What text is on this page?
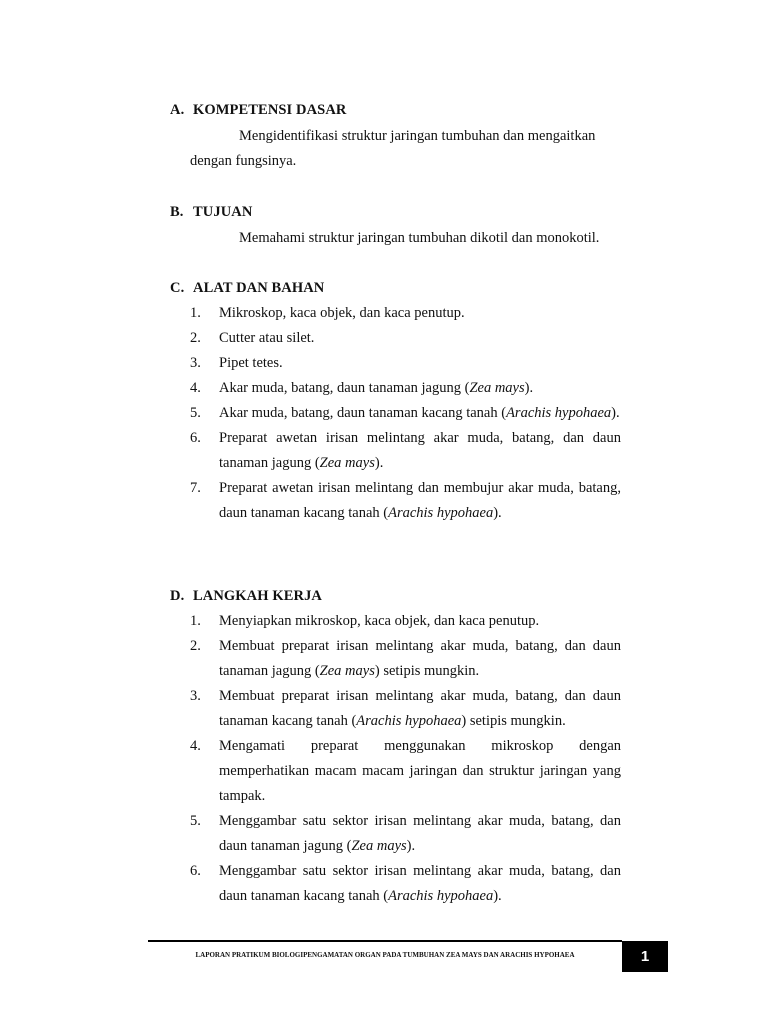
A. KOMPETENSI DASAR
Mengidentifikasi struktur jaringan tumbuhan dan mengaitkan
dengan fungsinya.
B. TUJUAN
Memahami struktur jaringan tumbuhan dikotil dan monokotil.
C. ALAT DAN BAHAN
1. Mikroskop, kaca objek, dan kaca penutup.
2. Cutter atau silet.
3. Pipet tetes.
4. Akar muda, batang, daun tanaman jagung (Zea mays).
5. Akar muda, batang, daun tanaman kacang tanah (Arachis hypohaea).
6. Preparat awetan irisan melintang akar muda, batang, dan daun tanaman jagung (Zea mays).
7. Preparat awetan irisan melintang dan membujur akar muda, batang, daun tanaman kacang tanah (Arachis hypohaea).
D. LANGKAH KERJA
1. Menyiapkan mikroskop, kaca objek, dan kaca penutup.
2. Membuat preparat irisan melintang akar muda, batang, dan daun tanaman jagung (Zea mays) setipis mungkin.
3. Membuat preparat irisan melintang akar muda, batang, dan daun tanaman kacang tanah (Arachis hypohaea) setipis mungkin.
4. Mengamati preparat menggunakan mikroskop dengan memperhatikan macam macam jaringan dan struktur jaringan yang tampak.
5. Menggambar satu sektor irisan melintang akar muda, batang, dan daun tanaman jagung (Zea mays).
6. Menggambar satu sektor irisan melintang akar muda, batang, dan daun tanaman kacang tanah (Arachis hypohaea).
LAPORAN PRATIKUM BIOLOGIPENGAMATAN ORGAN PADA TUMBUHAN ZEA MAYS DAN ARACHIS HYPOHAEA	1
